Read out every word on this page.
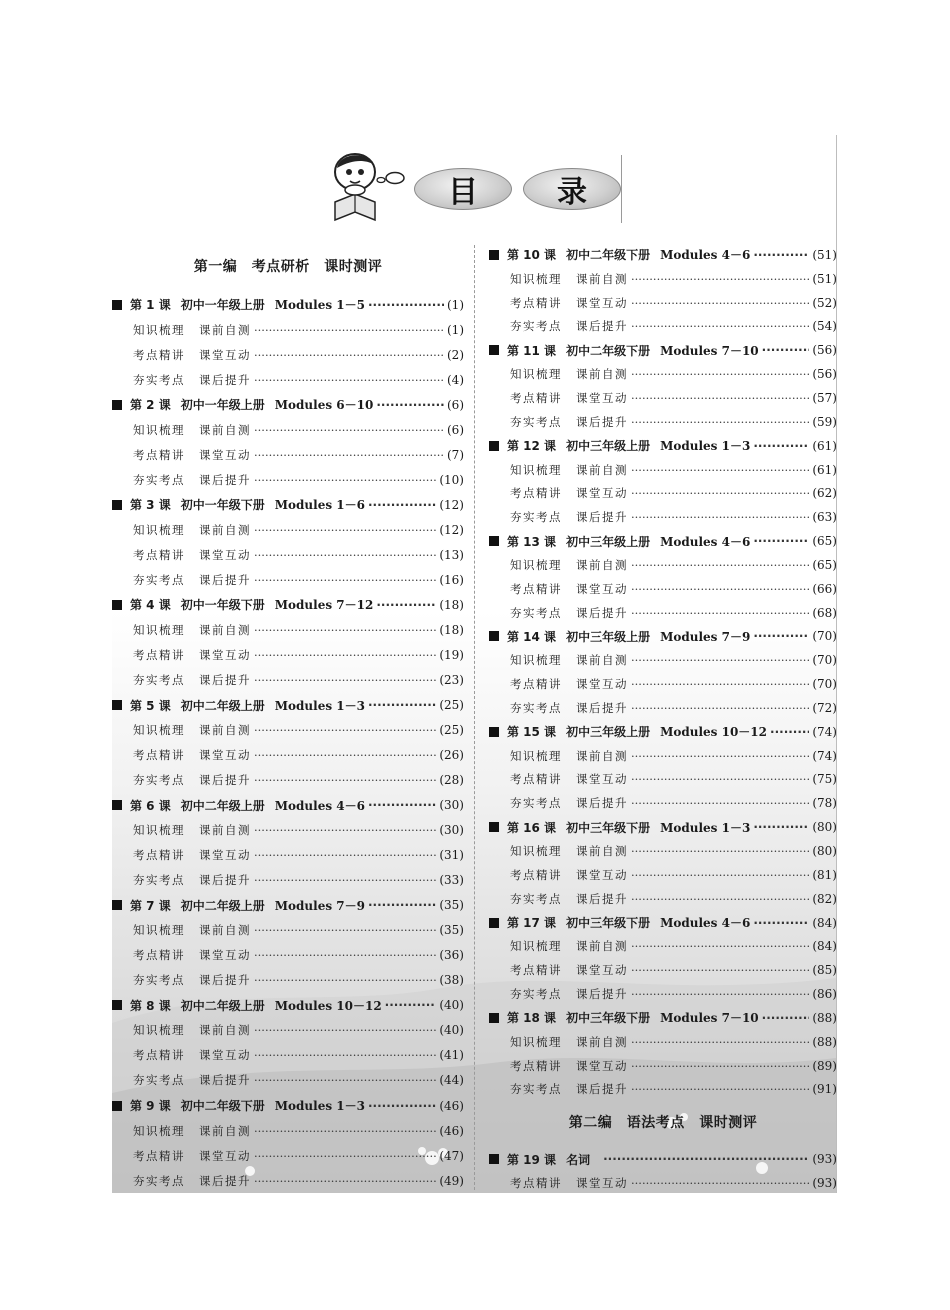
目	录
第一编　考点研析　课时测评
第 1 课 初中一年级上册 Modules 1－5 ·····	(1)
知识梳理 课前自测 ·····	(1)
考点精讲 课堂互动 ·····	(2)
夯实考点 课后提升 ·····	(4)
第 2 课 初中一年级上册 Modules 6－10 ·····	(6)
知识梳理 课前自测 ·····	(6)
考点精讲 课堂互动 ·····	(7)
夯实考点 课后提升 ·····	(10)
第 3 课 初中一年级下册 Modules 1－6 ·····	(12)
知识梳理 课前自测 ·····	(12)
考点精讲 课堂互动 ·····	(13)
夯实考点 课后提升 ·····	(16)
第 4 课 初中一年级下册 Modules 7－12 ·····	(18)
知识梳理 课前自测 ·····	(18)
考点精讲 课堂互动 ·····	(19)
夯实考点 课后提升 ·····	(23)
第 5 课 初中二年级上册 Modules 1－3 ·····	(25)
知识梳理 课前自测 ·····	(25)
考点精讲 课堂互动 ·····	(26)
夯实考点 课后提升 ·····	(28)
第 6 课 初中二年级上册 Modules 4－6 ·····	(30)
知识梳理 课前自测 ·····	(30)
考点精讲 课堂互动 ·····	(31)
夯实考点 课后提升 ·····	(33)
第 7 课 初中二年级上册 Modules 7－9 ·····	(35)
知识梳理 课前自测 ·····	(35)
考点精讲 课堂互动 ·····	(36)
夯实考点 课后提升 ·····	(38)
第 8 课 初中二年级上册 Modules 10－12 ·····	(40)
知识梳理 课前自测 ·····	(40)
考点精讲 课堂互动 ·····	(41)
夯实考点 课后提升 ·····	(44)
第 9 课 初中二年级下册 Modules 1－3 ·····	(46)
知识梳理 课前自测 ·····	(46)
考点精讲 课堂互动 ·····	(47)
夯实考点 课后提升 ·····	(49)
第 10 课 初中二年级下册 Modules 4－6 ·····	(51)
知识梳理 课前自测 ·····	(51)
考点精讲 课堂互动 ·····	(52)
夯实考点 课后提升 ·····	(54)
第 11 课 初中二年级下册 Modules 7－10 ·····	(56)
知识梳理 课前自测 ·····	(56)
考点精讲 课堂互动 ·····	(57)
夯实考点 课后提升 ·····	(59)
第 12 课 初中三年级上册 Modules 1－3 ·····	(61)
知识梳理 课前自测 ·····	(61)
考点精讲 课堂互动 ·····	(62)
夯实考点 课后提升 ·····	(63)
第 13 课 初中三年级上册 Modules 4－6 ·····	(65)
知识梳理 课前自测 ·····	(65)
考点精讲 课堂互动 ·····	(66)
夯实考点 课后提升 ·····	(68)
第 14 课 初中三年级上册 Modules 7－9 ·····	(70)
知识梳理 课前自测 ·····	(70)
考点精讲 课堂互动 ·····	(70)
夯实考点 课后提升 ·····	(72)
第 15 课 初中三年级上册 Modules 10－12 ·····	(74)
知识梳理 课前自测 ·····	(74)
考点精讲 课堂互动 ·····	(75)
夯实考点 课后提升 ·····	(78)
第 16 课 初中三年级下册 Modules 1－3 ·····	(80)
知识梳理 课前自测 ·····	(80)
考点精讲 课堂互动 ·····	(81)
夯实考点 课后提升 ·····	(82)
第 17 课 初中三年级下册 Modules 4－6 ·····	(84)
知识梳理 课前自测 ·····	(84)
考点精讲 课堂互动 ·····	(85)
夯实考点 课后提升 ·····	(86)
第 18 课 初中三年级下册 Modules 7－10 ·····	(88)
知识梳理 课前自测 ·····	(88)
考点精讲 课堂互动 ·····	(89)
夯实考点 课后提升 ·····	(91)
第二编　语法考点　课时测评
第 19 课 名词 ·····	(93)
考点精讲 课堂互动 ·····	(93)
